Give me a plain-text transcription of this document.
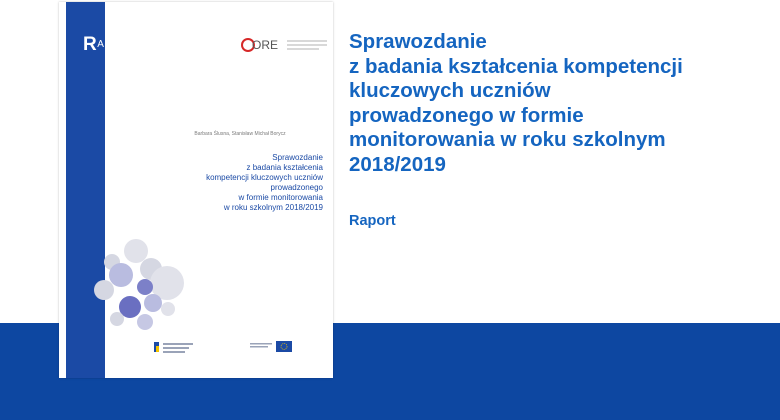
RAPORT	ORE
Barbara Ślusna, Stanisław Michał Borycz
Sprawozdanie
z badania kształcenia
kompetencji kluczowych uczniów
prowadzonego
w formie monitorowania
w roku szkolnym 2018/2019
Sprawozdanie
z badania kształcenia kompetencji
kluczowych uczniów
prowadzonego w formie
monitorowania w roku szkolnym
2018/2019

Raport
